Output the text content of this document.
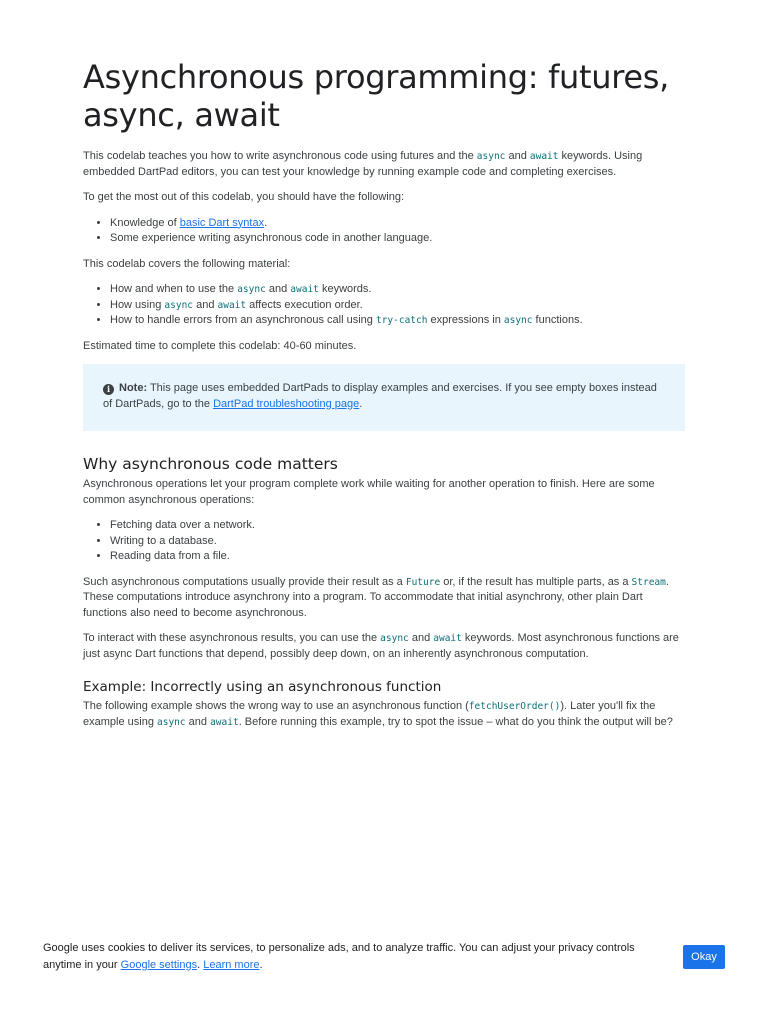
Asynchronous programming: futures, async, await

This codelab teaches you how to write asynchronous code using futures and the async and await keywords. Using embedded DartPad editors, you can test your knowledge by running example code and completing exercises.

To get the most out of this codelab, you should have the following:

• Knowledge of basic Dart syntax.
• Some experience writing asynchronous code in another language.

This codelab covers the following material:

• How and when to use the async and await keywords.
• How using async and await affects execution order.
• How to handle errors from an asynchronous call using try-catch expressions in async functions.

Estimated time to complete this codelab: 40-60 minutes.

i Note: This page uses embedded DartPads to display examples and exercises. If you see empty boxes instead of DartPads, go to the DartPad troubleshooting page.
Why asynchronous code matters

Asynchronous operations let your program complete work while waiting for another operation to finish. Here are some common asynchronous operations:

• Fetching data over a network.
• Writing to a database.
• Reading data from a file.

Such asynchronous computations usually provide their result as a Future or, if the result has multiple parts, as a Stream. These computations introduce asynchrony into a program. To accommodate that initial asynchrony, other plain Dart functions also need to become asynchronous.

To interact with these asynchronous results, you can use the async and await keywords. Most asynchronous functions are just async Dart functions that depend, possibly deep down, on an inherently asynchronous computation.

Example: Incorrectly using an asynchronous function

The following example shows the wrong way to use an asynchronous function (fetchUserOrder()). Later you'll fix the example using async and await. Before running this example, try to spot the issue – what do you think the output will be?

Google uses cookies to deliver its services, to personalize ads, and to analyze traffic. You can adjust your privacy controls anytime in your Google settings. Learn more.
Okay
